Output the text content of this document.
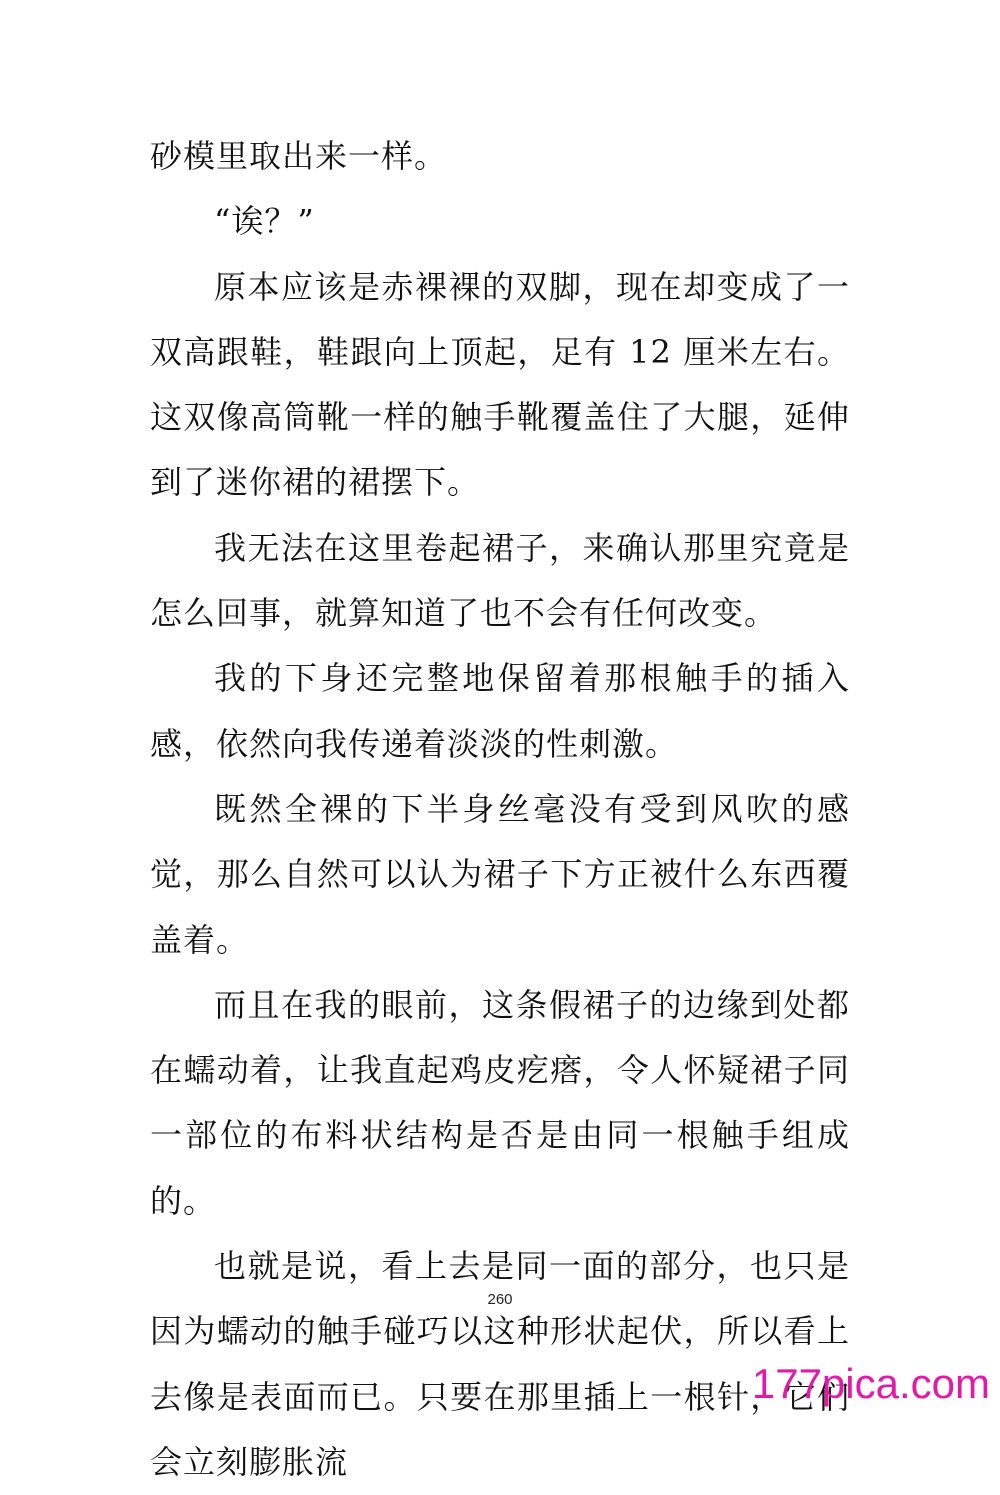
砂模里取出来一样。

“诶？”

原本应该是赤裸裸的双脚，现在却变成了一双高跟鞋，鞋跟向上顶起，足有 12 厘米左右。这双像高筒靴一样的触手靴覆盖住了大腿，延伸到了迷你裙的裙摆下。

我无法在这里卷起裙子，来确认那里究竟是怎么回事，就算知道了也不会有任何改变。

我的下身还完整地保留着那根触手的插入感，依然向我传递着淡淡的性刺激。

既然全裸的下半身丝毫没有受到风吹的感觉，那么自然可以认为裙子下方正被什么东西覆盖着。

而且在我的眼前，这条假裙子的边缘到处都在蠕动着，让我直起鸡皮疙瘩，令人怀疑裙子同一部位的布料状结构是否是由同一根触手组成的。

也就是说，看上去是同一面的部分，也只是因为蠕动的触手碰巧以这种形状起伏，所以看上去像是表面而已。只要在那里插上一根针，它们会立刻膨胀流

260
177pica.com
